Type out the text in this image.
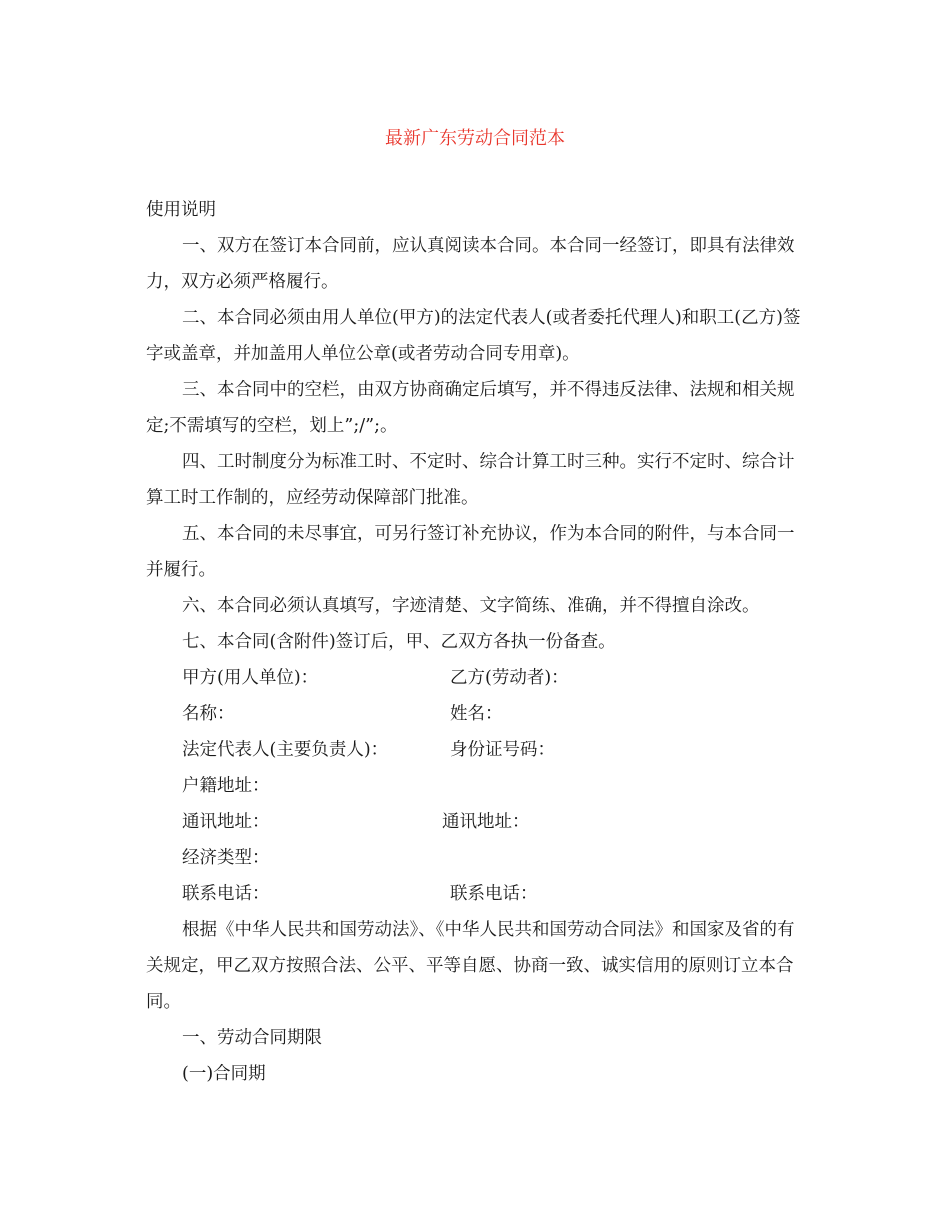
最新广东劳动合同范本

使用说明

一、双方在签订本合同前，应认真阅读本合同。本合同一经签订，即具有法律效力，双方必须严格履行。

二、本合同必须由用人单位(甲方)的法定代表人(或者委托代理人)和职工(乙方)签字或盖章，并加盖用人单位公章(或者劳动合同专用章)。

三、本合同中的空栏，由双方协商确定后填写，并不得违反法律、法规和相关规定;不需填写的空栏，划上”;/”;。

四、工时制度分为标准工时、不定时、综合计算工时三种。实行不定时、综合计算工时工作制的，应经劳动保障部门批准。

五、本合同的未尽事宜，可另行签订补充协议，作为本合同的附件，与本合同一并履行。

六、本合同必须认真填写，字迹清楚、文字简练、准确，并不得擅自涂改。

七、本合同(含附件)签订后，甲、乙双方各执一份备查。

甲方(用人单位)：	乙方(劳动者)：
名称：	姓名：
法定代表人(主要负责人)：	身份证号码：
户籍地址：
通讯地址：	通讯地址：
经济类型：
联系电话：	联系电话：

根据《中华人民共和国劳动法》、《中华人民共和国劳动合同法》和国家及省的有关规定，甲乙双方按照合法、公平、平等自愿、协商一致、诚实信用的原则订立本合同。

一、劳动合同期限

(一)合同期
